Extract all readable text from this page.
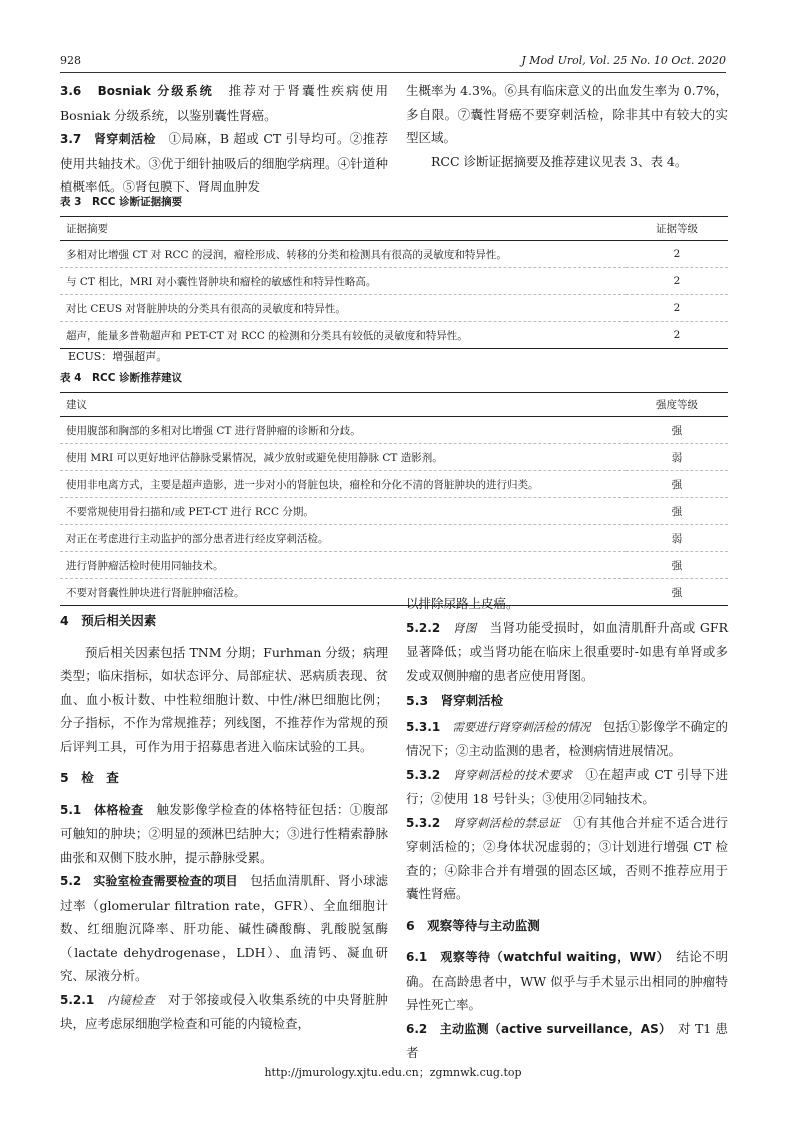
928	J Mod Urol, Vol. 25 No. 10 Oct. 2020

3.6　Bosniak 分级系统　推荐对于肾囊性疾病使用 Bosniak 分级系统，以鉴别囊性肾癌。

3.7　肾穿刺活检　①局麻，B 超或 CT 引导均可。②推荐使用共轴技术。③优于细针抽吸后的细胞学病理。④针道种植概率低。⑤肾包膜下、肾周血肿发

生概率为 4.3%。⑥具有临床意义的出血发生率为 0.7%，多自限。⑦囊性肾癌不要穿刺活检，除非其中有较大的实型区域。

RCC 诊断证据摘要及推荐建议见表 3、表 4。

表 3　RCC 诊断证据摘要
证据摘要	证据等级
多相对比增强 CT 对 RCC 的浸润，瘤栓形成、转移的分类和检测具有很高的灵敏度和特异性。	2
与 CT 相比，MRI 对小囊性肾肿块和瘤栓的敏感性和特异性略高。	2
对比 CEUS 对肾脏肿块的分类具有很高的灵敏度和特异性。	2
超声，能量多普勒超声和 PET-CT 对 RCC 的检测和分类具有较低的灵敏度和特异性。	2
ECUS：增强超声。
表 4　RCC 诊断推荐建议
建议	强度等级
使用腹部和胸部的多相对比增强 CT 进行肾肿瘤的诊断和分歧。	强
使用 MRI 可以更好地评估静脉受累情况，减少放射或避免使用静脉 CT 造影剂。	弱
使用非电离方式，主要是超声造影，进一步对小的肾脏包块，瘤栓和分化不清的肾脏肿块的进行归类。	强
不要常规使用骨扫描和/或 PET-CT 进行 RCC 分期。	强
对正在考虑进行主动监护的部分患者进行经皮穿刺活检。	弱
进行肾肿瘤活检时使用同轴技术。	强
不要对肾囊性肿块进行肾脏肿瘤活检。	强

4　预后相关因素

预后相关因素包括 TNM 分期；Furhman 分级；病理类型；临床指标，如状态评分、局部症状、恶病质表现、贫血、血小板计数、中性粒细胞计数、中性/淋巴细胞比例；分子指标，不作为常规推荐；列线图，不推荐作为常规的预后评判工具，可作为用于招募患者进入临床试验的工具。

5　检　查

5.1　体格检查　触发影像学检查的体格特征包括：①腹部可触知的肿块；②明显的颈淋巴结肿大；③进行性精索静脉曲张和双侧下肢水肿，提示静脉受累。

5.2　实验室检查需要检查的项目　包括血清肌酐、肾小球滤过率（glomerular filtration rate，GFR）、全血细胞计数、红细胞沉降率、肝功能、碱性磷酸酶、乳酸脱氢酶（lactate dehydrogenase，LDH）、血清钙、凝血研究、尿液分析。

5.2.1　内镜检查　对于邻接或侵入收集系统的中央肾脏肿块，应考虑尿细胞学检查和可能的内镜检查，

以排除尿路上皮癌。

5.2.2　肾图　当肾功能受损时，如血清肌酐升高或 GFR 显著降低；或当肾功能在临床上很重要时-如患有单肾或多发或双侧肿瘤的患者应使用肾图。

5.3　肾穿刺活检

5.3.1　需要进行肾穿刺活检的情况　包括①影像学不确定的情况下；②主动监测的患者，检测病情进展情况。

5.3.2　肾穿刺活检的技术要求　①在超声或 CT 引导下进行；②使用 18 号针头；③使用②同轴技术。

5.3.2　肾穿刺活检的禁忌证　①有其他合并症不适合进行穿刺活检的；②身体状况虚弱的；③计划进行增强 CT 检查的；④除非合并有增强的固态区域，否则不推荐应用于囊性肾癌。

6　观察等待与主动监测

6.1　观察等待（watchful waiting，WW）　结论不明确。在高龄患者中，WW 似乎与手术显示出相同的肿瘤特异性死亡率。

6.2　主动监测（active surveillance，AS）　对 T1 患者

http://jmurology.xjtu.edu.cn；zgmnwk.cug.top
